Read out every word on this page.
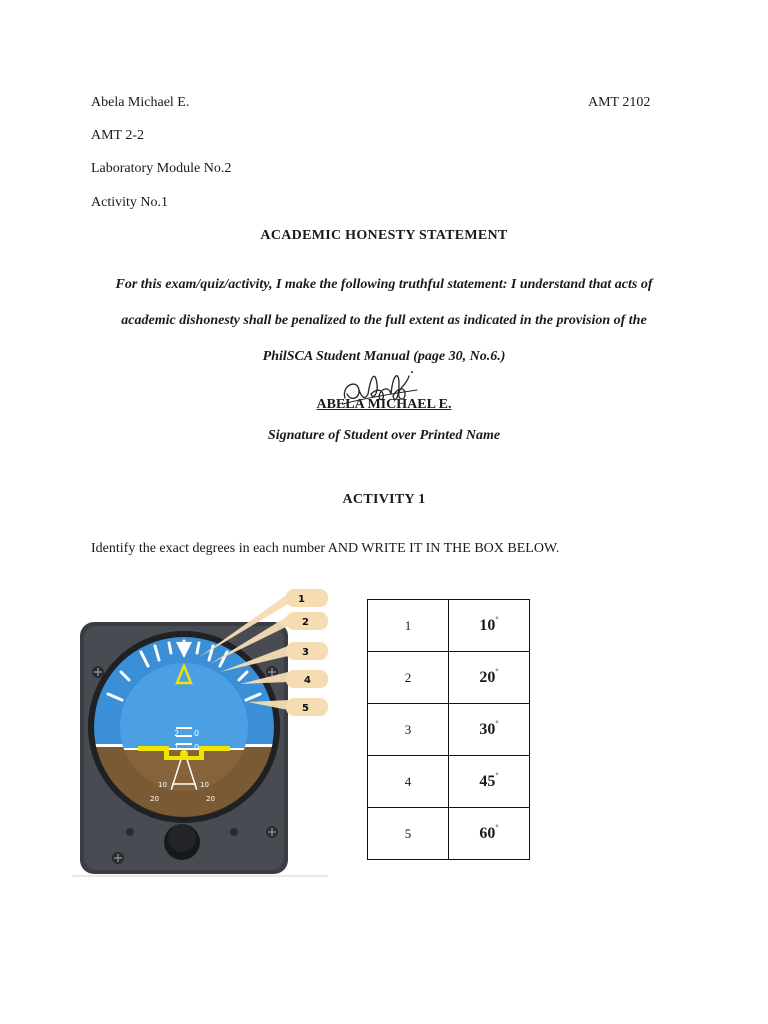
Abela Michael E.	AMT 2102
AMT 2-2
Laboratory Module No.2
Activity No.1
ACADEMIC HONESTY STATEMENT
For this exam/quiz/activity, I make the following truthful statement: I understand that acts of
academic dishonesty shall be penalized to the full extent as indicated in the provision of the
PhilSCA Student Manual (page 30, No.6.)
ABELA MICHAEL E.
Signature of Student over Printed Name
ACTIVITY 1
Identify the exact degrees in each number AND WRITE IT IN THE BOX BELOW.
2 0
1 0
10
20
10
20
1
2
3
4
5
1	10°
2	20°
3	30°
4	45°
5	60°
